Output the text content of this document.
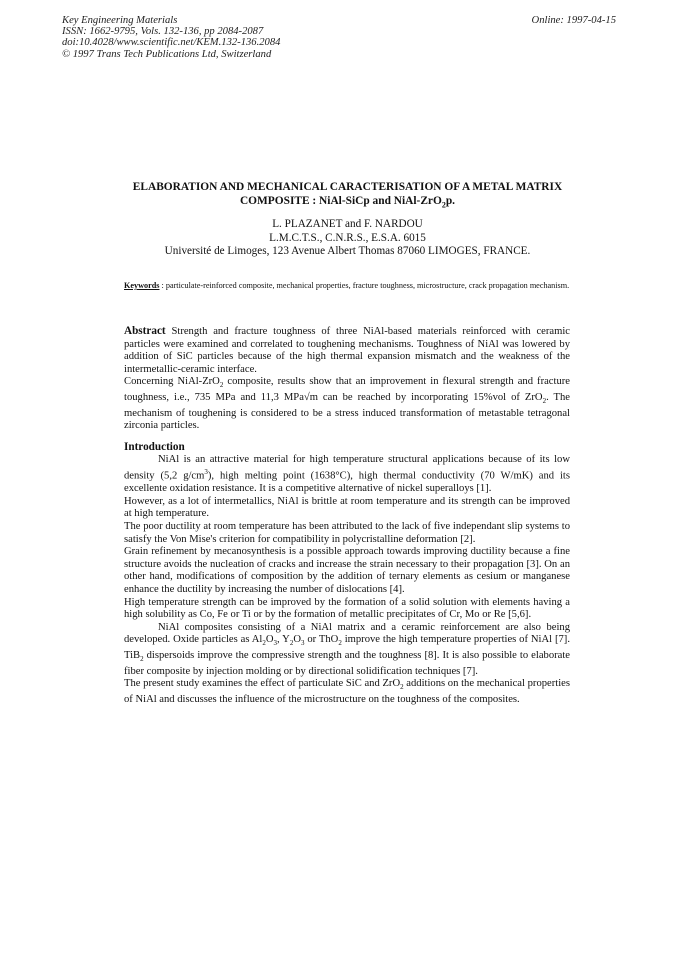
Key Engineering Materials
ISSN: 1662-9795, Vols. 132-136, pp 2084-2087
doi:10.4028/www.scientific.net/KEM.132-136.2084
© 1997 Trans Tech Publications Ltd, Switzerland
Online: 1997-04-15
ELABORATION AND MECHANICAL CARACTERISATION OF A METAL MATRIX
COMPOSITE : NiAl-SiCp and NiAl-ZrO$_2$p.
L. PLAZANET and F. NARDOU
L.M.C.T.S., C.N.R.S., E.S.A. 6015
Université de Limoges, 123 Avenue Albert Thomas 87060 LIMOGES, FRANCE.
Keywords : particulate-reinforced composite, mechanical properties, fracture toughness, microstructure, crack propagation mechanism.

Abstract Strength and fracture toughness of three NiAl-based materials reinforced with ceramic particles were examined and correlated to toughening mechanisms. Toughness of NiAl was lowered by addition of SiC particles because of the high thermal expansion mismatch and the weakness of the intermetallic-ceramic interface.

Concerning NiAl-ZrO$_2$ composite, results show that an improvement in flexural strength and fracture toughness, i.e., 735 MPa and 11,3 MPa√m can be reached by incorporating 15%vol of ZrO$_2$. The mechanism of toughening is considered to be a stress induced transformation of metastable tetragonal zirconia particles.

Introduction

NiAl is an attractive material for high temperature structural applications because of its low density (5,2 $g/cm^3$), high melting point (1638°C), high thermal conductivity (70 W/mK) and its excellente oxidation resistance. It is a competitive alternative of nickel superalloys [1].

However, as a lot of intermetallics, NiAl is brittle at room temperature and its strength can be improved at high temperature.

The poor ductility at room temperature has been attributed to the lack of five independant slip systems to satisfy the Von Mise's criterion for compatibility in polycristalline deformation [2].

Grain refinement by mecanosynthesis is a possible approach towards improving ductility because a fine structure avoids the nucleation of cracks and increase the strain necessary to their propagation [3]. On an other hand, modifications of composition by the addition of ternary elements as cesium or manganese enhance the ductility by increasing the number of dislocations [4].

High temperature strength can be improved by the formation of a solid solution with elements having a high solubility as Co, Fe or Ti or by the formation of metallic precipitates of Cr, Mo or Re [5,6].

NiAl composites consisting of a NiAl matrix and a ceramic reinforcement are also being developed. Oxide particles as $Al_2O_3$, $Y_2O_3$ or ThO$_2$ improve the high temperature properties of NiAl [7]. TiB$_2$ dispersoids improve the compressive strength and the toughness [8]. It is also possible to elaborate fiber composite by injection molding or by directional solidification techniques [7].

The present study examines the effect of particulate SiC and ZrO$_2$ additions on the mechanical properties of NiAl and discusses the influence of the microstructure on the toughness of the composites.
